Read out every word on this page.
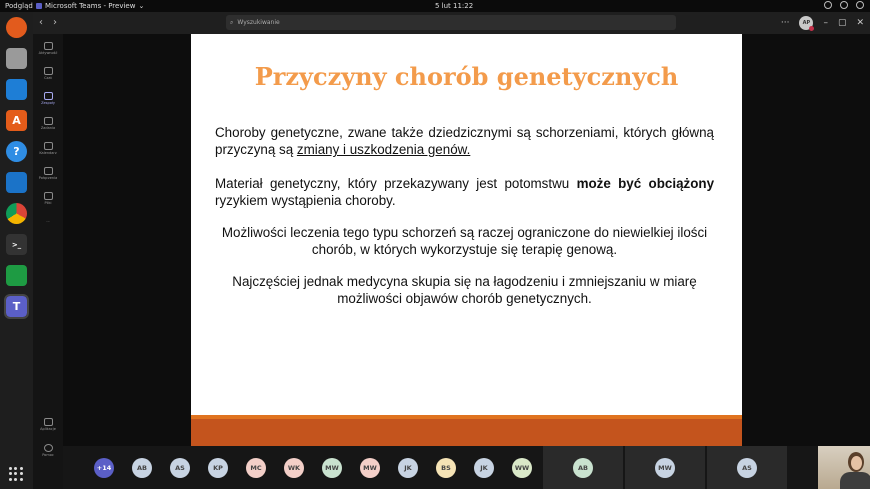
Podgląd Microsoft Teams - Preview ⌄	5 lut 11:22
A
?
>_
T
‹ ›	⌕ Wyszukiwanie	···	AP	– ▢ ✕
Aktywność
Czat
Zespoły
Zadania
Kalendarz
Połączenia
Pliki
···
Aplikacje
Pomoc
Przyczyny chorób genetycznych

Choroby genetyczne, zwane także dziedzicznymi są schorzeniami, których główną przyczyną są zmiany i uszkodzenia genów.

Materiał genetyczny, który przekazywany jest potomstwu może być obciążony ryzykiem wystąpienia choroby.

Możliwości leczenia tego typu schorzeń są raczej ograniczone do niewielkiej ilości chorób, w których wykorzystuje się terapię genową.

Najczęściej jednak medycyna skupia się na łagodzeniu i zmniejszaniu w miarę możliwości objawów chorób genetycznych.

+14	AB	AS	KP	MC	WK	MW	MW	JK	BS	JK	WW	AB	MW	AS
